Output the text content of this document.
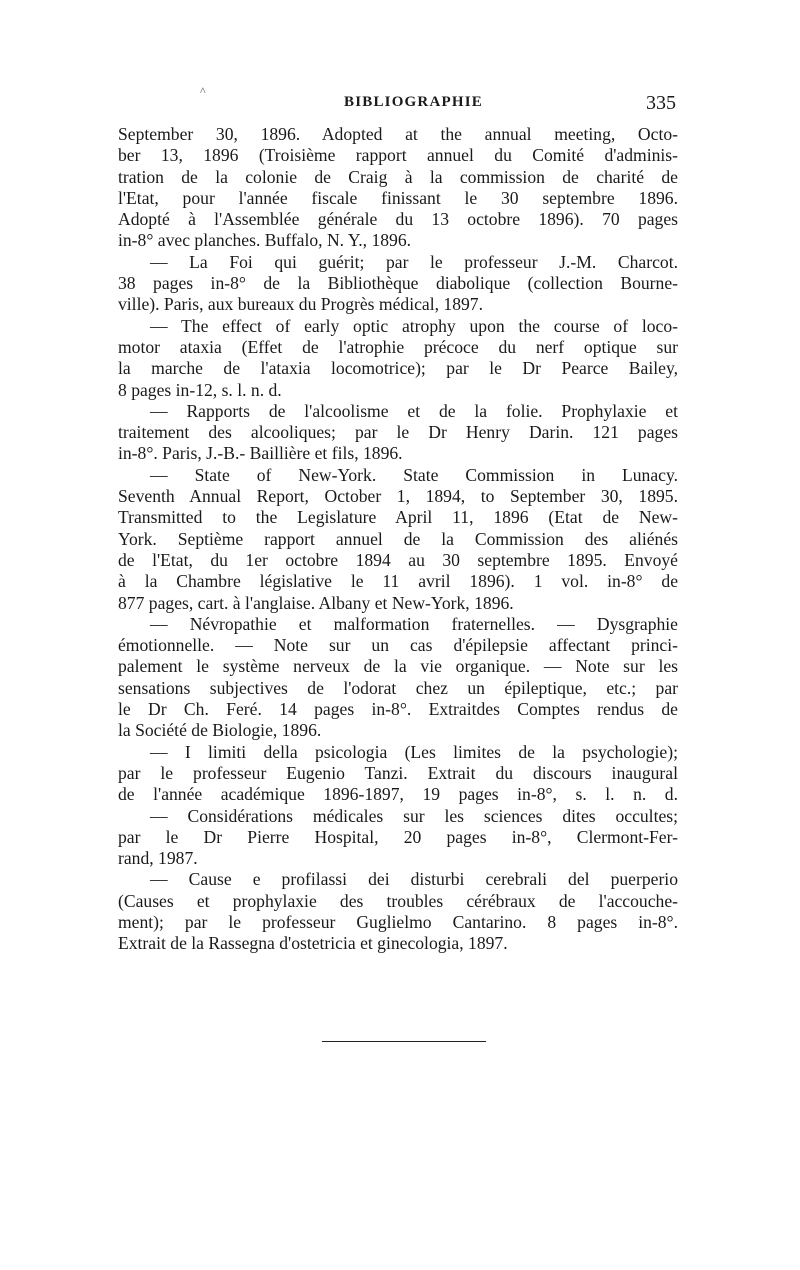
^
BIBLIOGRAPHIE	335
September 30, 1896. Adopted at the annual meeting, Octo-
ber 13, 1896 (Troisième rapport annuel du Comité d'adminis-
tration de la colonie de Craig à la commission de charité de
l'Etat, pour l'année fiscale finissant le 30 septembre 1896.
Adopté à l'Assemblée générale du 13 octobre 1896). 70 pages
in-8° avec planches. Buffalo, N. Y., 1896.
— La Foi qui guérit; par le professeur J.-M. Charcot.
38 pages in-8° de la Bibliothèque diabolique (collection Bourne-
ville). Paris, aux bureaux du Progrès médical, 1897.
— The effect of early optic atrophy upon the course of loco-
motor ataxia (Effet de l'atrophie précoce du nerf optique sur
la marche de l'ataxia locomotrice); par le Dr Pearce Bailey,
8 pages in-12, s. l. n. d.
— Rapports de l'alcoolisme et de la folie. Prophylaxie et
traitement des alcooliques; par le Dr Henry Darin. 121 pages
in-8°. Paris, J.-B.- Baillière et fils, 1896.
— State of New-York. State Commission in Lunacy.
Seventh Annual Report, October 1, 1894, to September 30, 1895.
Transmitted to the Legislature April 11, 1896 (Etat de New-
York. Septième rapport annuel de la Commission des aliénés
de l'Etat, du 1er octobre 1894 au 30 septembre 1895. Envoyé
à la Chambre législative le 11 avril 1896). 1 vol. in-8° de
877 pages, cart. à l'anglaise. Albany et New-York, 1896.
— Névropathie et malformation fraternelles. — Dysgraphie
émotionnelle. — Note sur un cas d'épilepsie affectant princi-
palement le système nerveux de la vie organique. — Note sur les
sensations subjectives de l'odorat chez un épileptique, etc.; par
le Dr Ch. Feré. 14 pages in-8°. Extraitdes Comptes rendus de
la Société de Biologie, 1896.
— I limiti della psicologia (Les limites de la psychologie);
par le professeur Eugenio Tanzi. Extrait du discours inaugural
de l'année académique 1896-1897, 19 pages in-8°, s. l. n. d.
— Considérations médicales sur les sciences dites occultes;
par le Dr Pierre Hospital, 20 pages in-8°, Clermont-Fer-
rand, 1987.
— Cause e profilassi dei disturbi cerebrali del puerperio
(Causes et prophylaxie des troubles cérébraux de l'accouche-
ment); par le professeur Guglielmo Cantarino. 8 pages in-8°.
Extrait de la Rassegna d'ostetricia et ginecologia, 1897.
